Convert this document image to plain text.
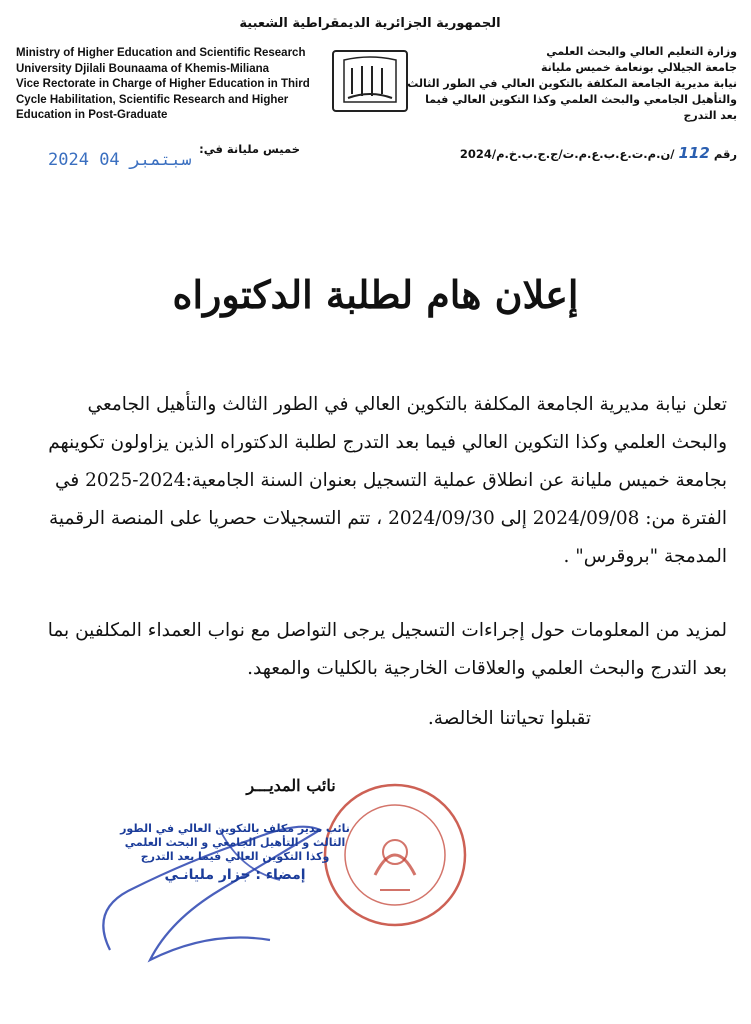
الجمهورية الجزائرية الديمقراطية الشعبية
Ministry of Higher Education and Scientific Research
University Djilali Bounaama of Khemis-Miliana
Vice Rectorate in Charge of Higher Education in Third
Cycle Habilitation, Scientific Research and Higher
Education in Post-Graduate
وزارة التعليم العالي والبحث العلمي
جامعة الجيلالي بونعامة خميس مليانة
نيابة مديرية الجامعة المكلفة بالتكوين العالي في الطور الثالث
والتأهيل الجامعي والبحث العلمي وكذا التكوين العالي فيما بعد التدرج
رقم 112 /ن.م.ت.ع.ب.ع.م.ت/ج.ج.ب.خ.م/2024
خميس مليانة في:
2024 سبتمبر 04
إعلان هام لطلبة الدكتوراه
تعلن نيابة مديرية الجامعة المكلفة بالتكوين العالي في الطور الثالث والتأهيل الجامعي والبحث العلمي وكذا التكوين العالي فيما بعد التدرج لطلبة الدكتوراه الذين يزاولون تكوينهم بجامعة خميس مليانة عن انطلاق عملية التسجيل بعنوان السنة الجامعية:2024-2025 في الفترة من: 2024/09/08 إلى 2024/09/30 ، تتم التسجيلات حصريا على المنصة الرقمية المدمجة "بروقرس" .
لمزيد من المعلومات حول إجراءات التسجيل يرجى التواصل مع نواب العمداء المكلفين بما بعد التدرج والبحث العلمي والعلاقات الخارجية بالكليات والمعهد.
تقبلوا تحياتنا الخالصة.
نائب المديـــر
نائب مدير مكلف بالتكوين العالي في الطور
الثالث و التأهيل الجامعي و البحث العلمي
وكذا التكوين العالي فيما بعد التدرج
إمضاء : جزار مليانـي
